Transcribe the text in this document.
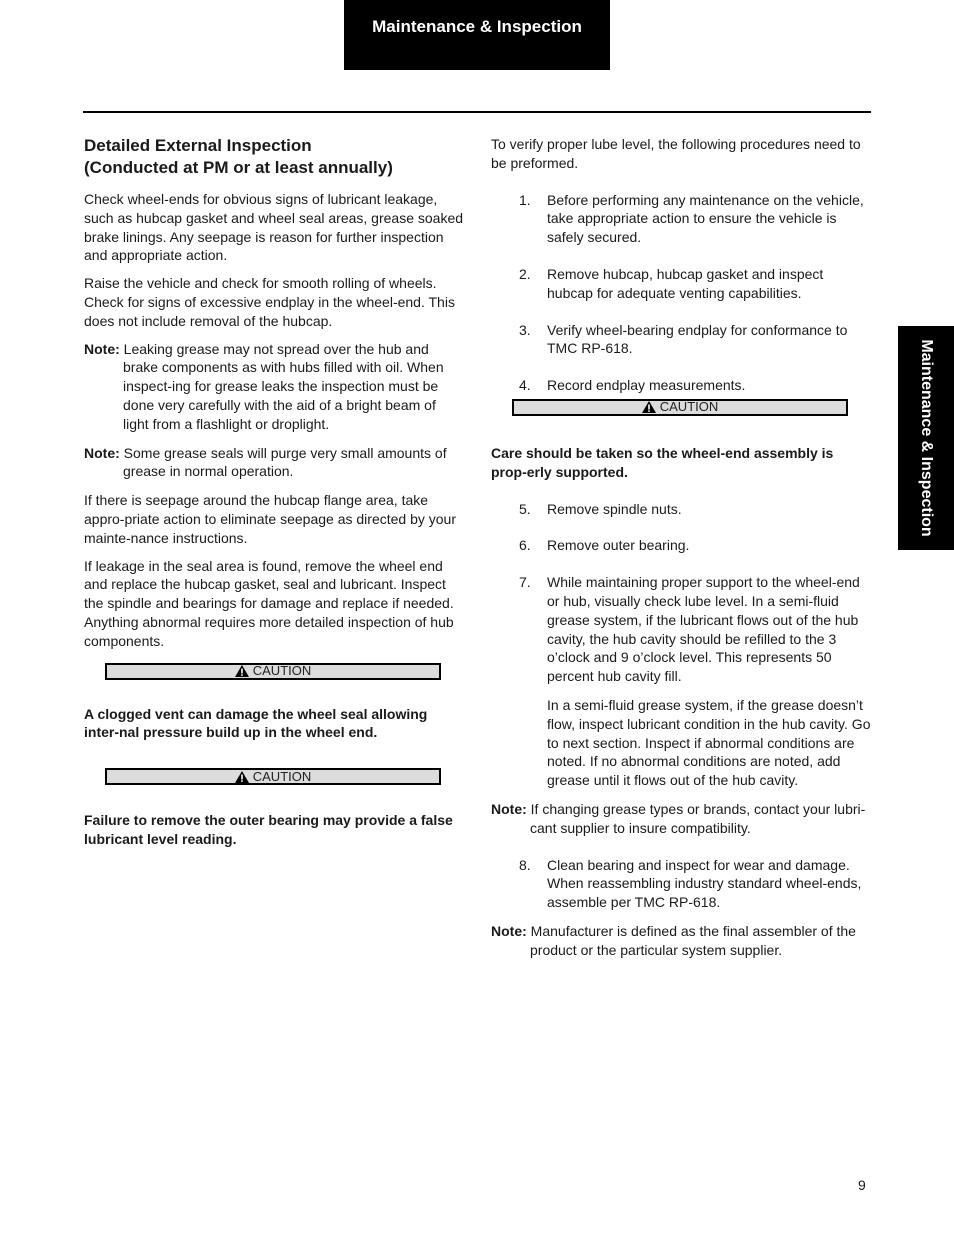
Maintenance & Inspection
Maintenance & Inspection
Detailed External Inspection
(Conducted at PM or at least annually)

Check wheel-ends for obvious signs of lubricant leakage, such as hubcap gasket and wheel seal areas, grease soaked brake linings. Any seepage is reason for further inspection and appropriate action.

Raise the vehicle and check for smooth rolling of wheels. Check for signs of excessive endplay in the wheel-end. This does not include removal of the hubcap.

Note: Leaking grease may not spread over the hub and brake components as with hubs filled with oil. When inspect-ing for grease leaks the inspection must be done very carefully with the aid of a bright beam of light from a flashlight or droplight.

Note: Some grease seals will purge very small amounts of grease in normal operation.

If there is seepage around the hubcap flange area, take appro-priate action to eliminate seepage as directed by your mainte-nance instructions.

If leakage in the seal area is found, remove the wheel end and replace the hubcap gasket, seal and lubricant. Inspect the spindle and bearings for damage and replace if needed. Anything abnormal requires more detailed inspection of hub components.

CAUTION

A clogged vent can damage the wheel seal allowing inter-nal pressure build up in the wheel end.

CAUTION

Failure to remove the outer bearing may provide a false lubricant level reading.

To verify proper lube level, the following procedures need to be preformed.

1. Before performing any maintenance on the vehicle, take appropriate action to ensure the vehicle is safely secured.
2. Remove hubcap, hubcap gasket and inspect hubcap for adequate venting capabilities.
3. Verify wheel-bearing endplay for conformance to TMC RP-618.
4. Record endplay measurements.
CAUTION

Care should be taken so the wheel-end assembly is prop-erly supported.

5. Remove spindle nuts.
6. Remove outer bearing.
7. While maintaining proper support to the wheel-end or hub, visually check lube level. In a semi-fluid grease system, if the lubricant flows out of the hub cavity, the hub cavity should be refilled to the 3 o’clock and 9 o’clock level. This represents 50 percent hub cavity fill.
In a semi-fluid grease system, if the grease doesn’t flow, inspect lubricant condition in the hub cavity. Go to next section. Inspect if abnormal conditions are noted. If no abnormal conditions are noted, add grease until it flows out of the hub cavity.

Note: If changing grease types or brands, contact your lubri-cant supplier to insure compatibility.

8. Clean bearing and inspect for wear and damage. When reassembling industry standard wheel-ends, assemble per TMC RP-618.

Note: Manufacturer is defined as the final assembler of the product or the particular system supplier.

9
